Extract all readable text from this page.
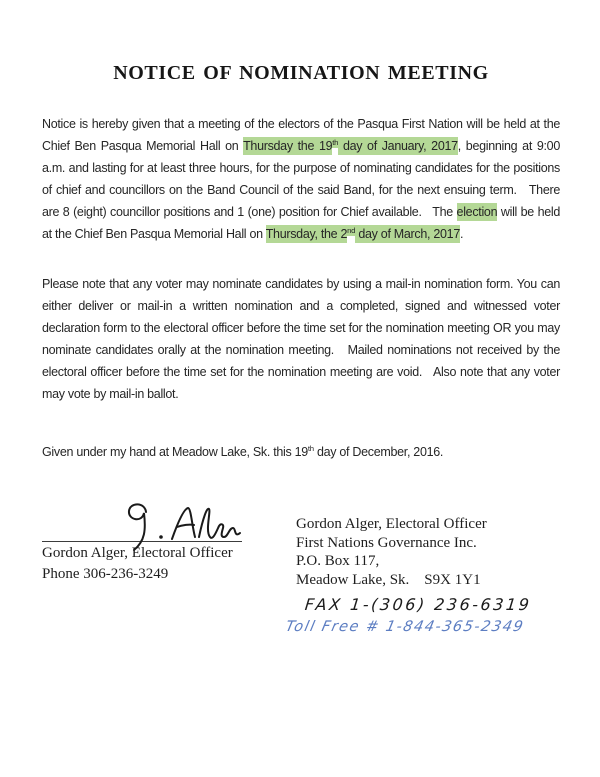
NOTICE OF NOMINATION MEETING

Notice is hereby given that a meeting of the electors of the Pasqua First Nation will be held at the Chief Ben Pasqua Memorial Hall on Thursday the 19th day of January, 2017, beginning at 9:00 a.m. and lasting for at least three hours, for the purpose of nominating candidates for the positions of chief and councillors on the Band Council of the said Band, for the next ensuing term.   There are 8 (eight) councillor positions and 1 (one) position for Chief available.   The election will be held at the Chief Ben Pasqua Memorial Hall on Thursday, the 2nd day of March, 2017.

Please note that any voter may nominate candidates by using a mail-in nomination form. You can either deliver or mail-in a written nomination and a completed, signed and witnessed voter declaration form to the electoral officer before the time set for the nomination meeting OR you may nominate candidates orally at the nomination meeting.   Mailed nominations not received by the electoral officer before the time set for the nomination meeting are void.   Also note that any voter may vote by mail-in ballot.

Given under my hand at Meadow Lake, Sk. this 19th day of December, 2016.

Gordon Alger, Electoral Officer
Phone 306-236-3249
Gordon Alger, Electoral Officer
First Nations Governance Inc.
P.O. Box 117,
Meadow Lake, Sk.    S9X 1Y1
FAX 1-(306) 236-6319
Toll Free # 1-844-365-2349
